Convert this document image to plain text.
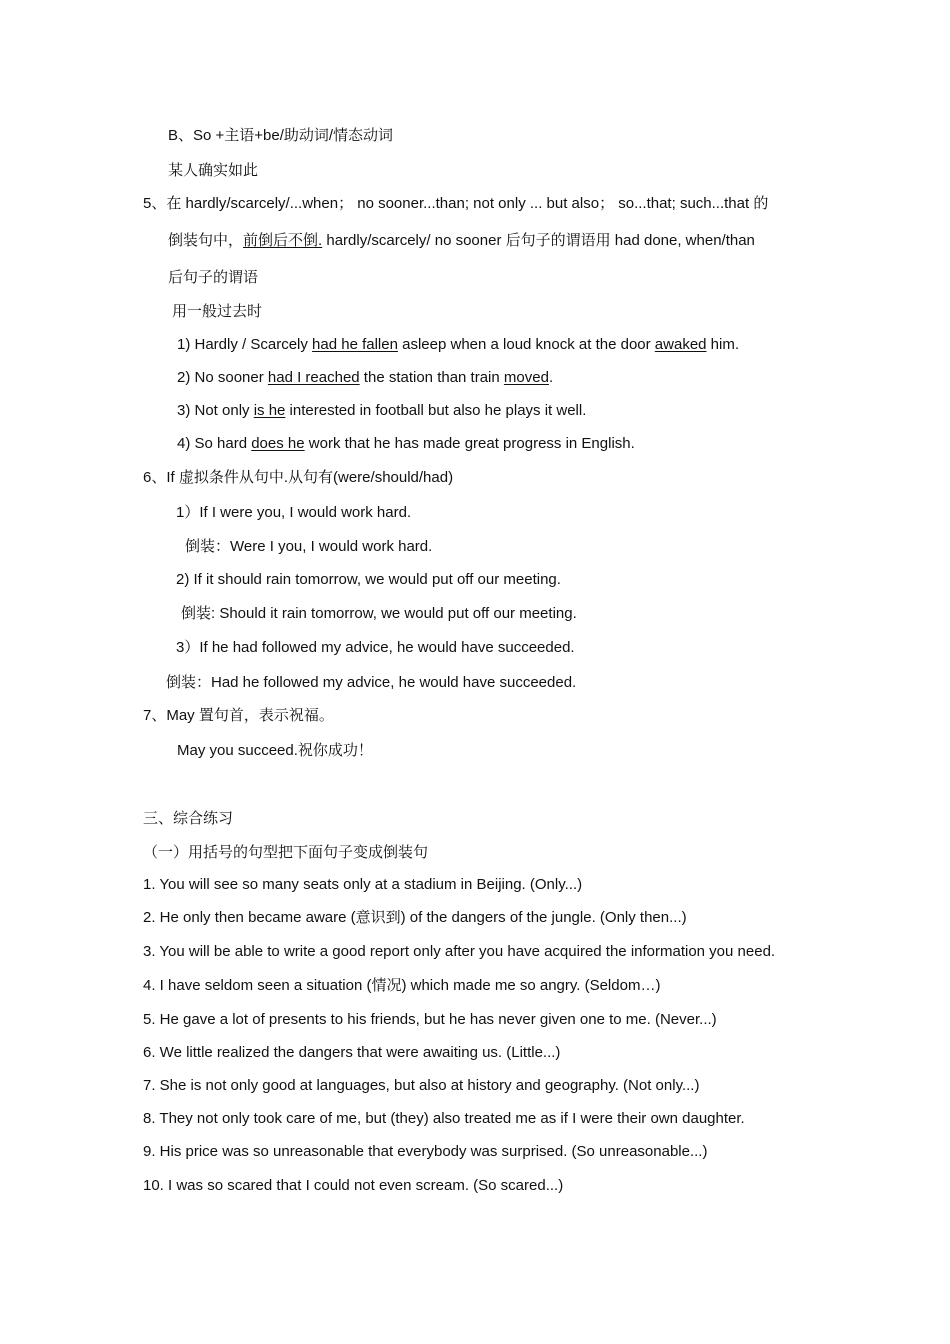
B、So +主语+be/助动词/情态动词
某人确实如此
5、在 hardly/scarcely/...when； no sooner...than; not only ... but also； so...that; such...that 的
倒装句中，前倒后不倒. hardly/scarcely/ no sooner 后句子的谓语用 had done, when/than
后句子的谓语
用一般过去时
1) Hardly / Scarcely had he fallen asleep when a loud knock at the door awaked him.
2) No sooner had I reached the station than train moved.
3) Not only is he interested in football but also he plays it well.
4) So hard does he work that he has made great progress in English.
6、If 虚拟条件从句中.从句有(were/should/had)
1）If I were you, I would work hard.
倒装：Were I you, I would work hard.
2) If it should rain tomorrow, we would put off our meeting.
倒装: Should it rain tomorrow, we would put off our meeting.
3）If he had followed my advice, he would have succeeded.
倒装：Had he followed my advice, he would have succeeded.
7、May 置句首，表示祝福。
May you succeed.祝你成功！
三、综合练习
（一）用括号的句型把下面句子变成倒装句
1. You will see so many seats only at a stadium in Beijing. (Only...)
2. He only then became aware (意识到) of the dangers of the jungle. (Only then...)
3. You will be able to write a good report only after you have acquired the information you need.
4. I have seldom seen a situation (情况) which made me so angry. (Seldom…)
5. He gave a lot of presents to his friends, but he has never given one to me. (Never...)
6. We little realized the dangers that were awaiting us. (Little...)
7. She is not only good at languages, but also at history and geography. (Not only...)
8. They not only took care of me, but (they) also treated me as if I were their own daughter.
9. His price was so unreasonable that everybody was surprised. (So unreasonable...)
10. I was so scared that I could not even scream. (So scared...)
